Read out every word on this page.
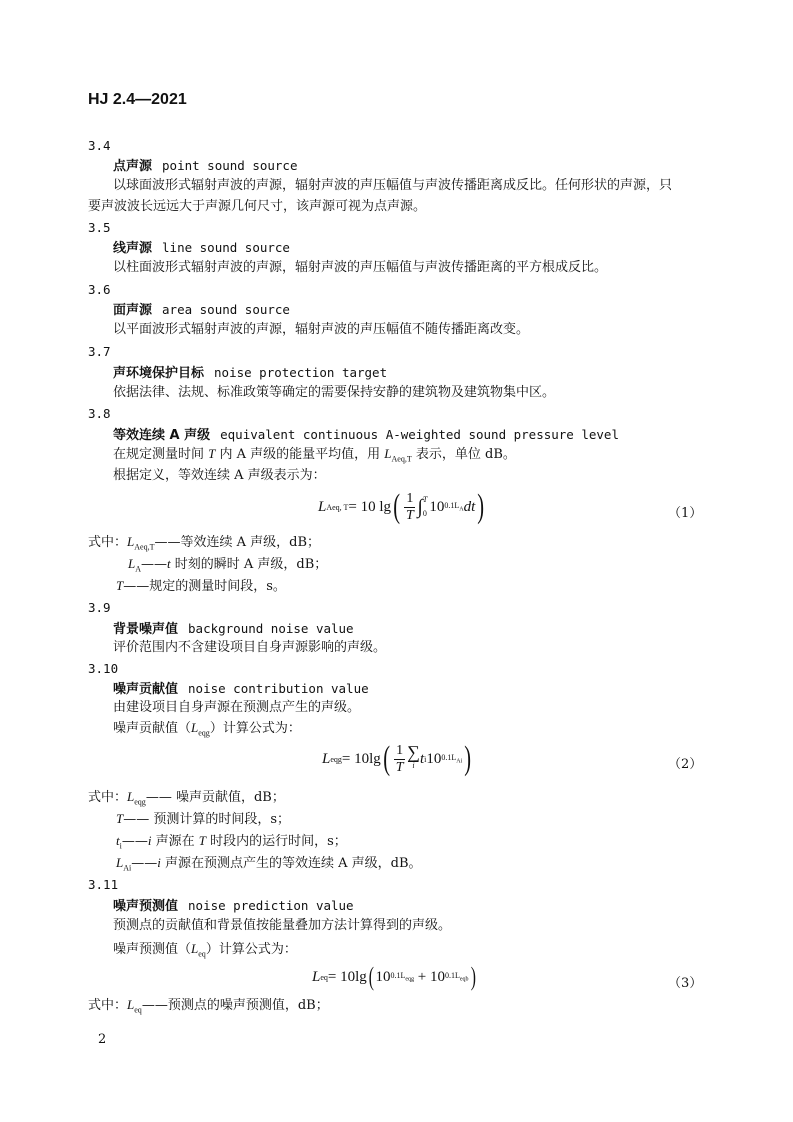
HJ 2.4—2021
3.4
点声源 point sound source
以球面波形式辐射声波的声源，辐射声波的声压幅值与声波传播距离成反比。任何形状的声源，只
要声波波长远远大于声源几何尺寸，该声源可视为点声源。
3.5
线声源 line sound source
以柱面波形式辐射声波的声源，辐射声波的声压幅值与声波传播距离的平方根成反比。
3.6
面声源 area sound source
以平面波形式辐射声波的声源，辐射声波的声压幅值不随传播距离改变。
3.7
声环境保护目标 noise protection target
依据法律、法规、标准政策等确定的需要保持安静的建筑物及建筑物集中区。
3.8
等效连续 A 声级 equivalent continuous A-weighted sound pressure level
在规定测量时间 T 内 A 声级的能量平均值，用 $L_{Aeq,T}$ 表示，单位 dB。
根据定义，等效连续 A 声级表示为：
L Aeq, T = 10 lg ( $\frac{1}{T}$ ∫ T
0 10 $0.1L_A$ dt )	（1）
式中：$L_{Aeq,T}——$等效连续 A 声级，dB；
$L_A——t$ 时刻的瞬时 A 声级，dB；
T——规定的测量时间段，s。
3.9
背景噪声值 background noise value
评价范围内不含建设项目自身声源影响的声级。
3.10
噪声贡献值 noise contribution value
由建设项目自身声源在预测点产生的声级。
噪声贡献值$(L_{eqg})$计算公式为：
L eqg = 10lg ( $\frac{1}{T}$ ∑
i t i 10 $0.1L_{Ai}$ )	（2）
式中：$L_{eqg}——$ 噪声贡献值，dB；
T—— 预测计算的时间段，s；
$t_i——i$ 声源在 T 时段内的运行时间，s；
$L_{Ai}——i$ 声源在预测点产生的等效连续 A 声级，dB。
3.11
噪声预测值 noise prediction value
预测点的贡献值和背景值按能量叠加方法计算得到的声级。
噪声预测值$(L_{eq})$计算公式为：
L eq = 10lg ( 10 $0.1L_{eqg} + 10$ $0.1L_{eqb}$ )	（3）
式中：$L_{eq}——$预测点的噪声预测值，dB；
2
